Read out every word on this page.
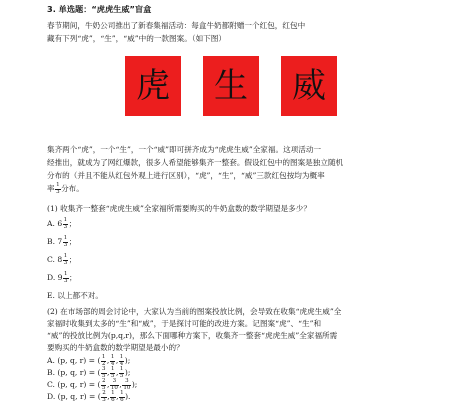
3. 单选题：“虎虎生威”盲盒
春节期间，牛奶公司推出了新春集福活动：每盒牛奶都附赠一个红包，红包中
藏有下列“虎”，“生”，“威”中的一款图案。（如下图）
虎	生	威
集齐两个“虎”，一个“生”，一个“威”即可拼齐成为“虎虎生威”全家福。这项活动一
经推出，就成为了网红爆款，很多人希望能够集齐一整套。假设红包中的图案是独立随机
分布的（并且不能从红包外观上进行区别），“虎”，“生”，“威”三款红包按均为概率
率 $\frac{1}{3}$ 分布。
(1) 收集齐一整套“虎虎生威”全家福所需要购买的牛奶盒数的数学期望是多少？
A. $6 \frac{1}{3}$ ；
B. $7 \frac{1}{3}$ ；
C. $8 \frac{1}{3}$ ；
D. $9 \frac{1}{3}$ ；
E. 以上都不对。
(2) 在市场部的周会讨论中，大家认为当前的图案投放比例，会导致在收集“虎虎生威”全
家福时收集到太多的“生”和“威”，于是探讨可能的改进方案。记图案“虎”、“生”和
“威”的投放比例为(p,q,r)，那么下面哪种方案下，收集齐一整套“虎虎生威”全家福所需
要购买的牛奶盒数的数学期望是最小的？
A. (p, q, r) = ( $\frac{1}{2}$ , $\frac{1}{4}$ , $\frac{1}{4}$ );
B. (p, q, r) = ( $\frac{3}{5}$ , $\frac{1}{5}$ , $\frac{1}{5}$ );
C. (p, q, r) = ( $\frac{2}{5}$ , $\frac{3}{10}$ , $\frac{3}{10}$ );
D. (p, q, r) = ( $\frac{2}{3}$ , $\frac{1}{6}$ , $\frac{1}{6}$ ).
